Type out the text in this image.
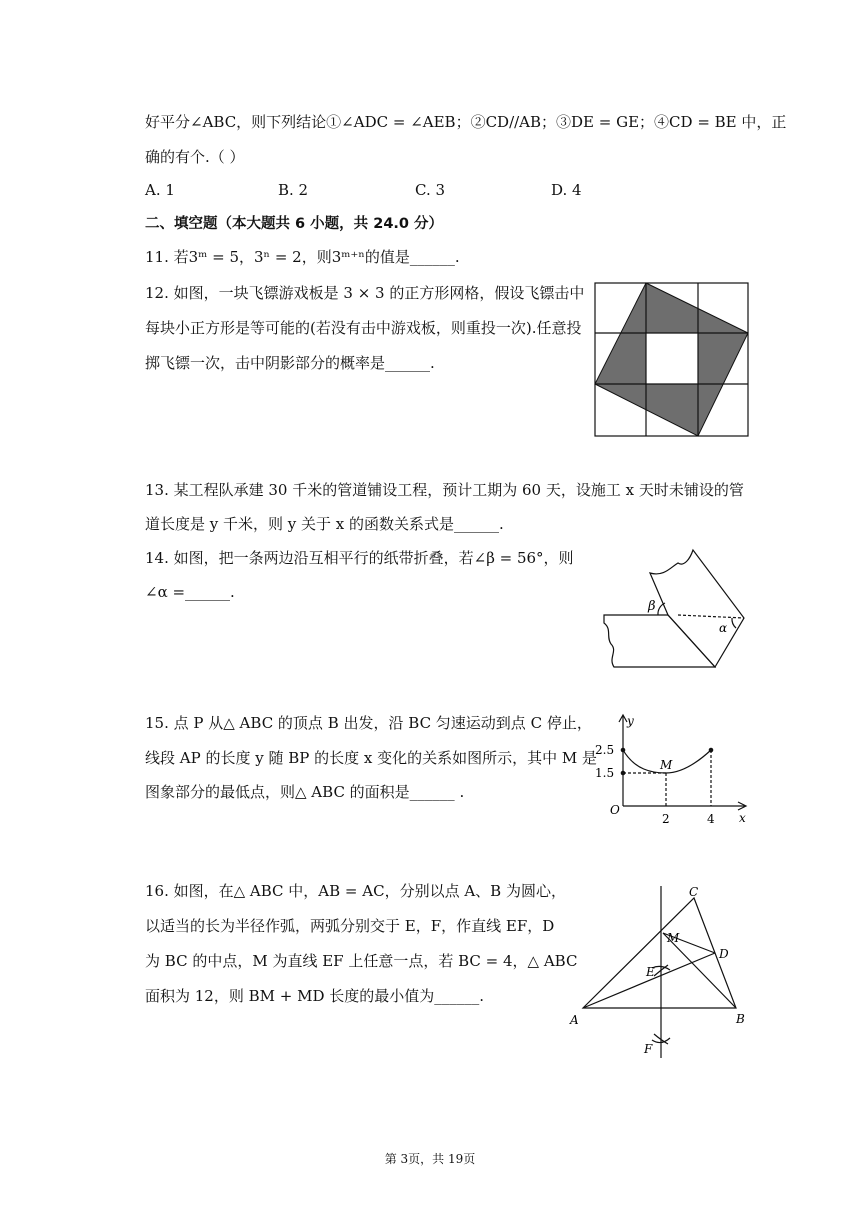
好平分∠ABC，则下列结论①∠ADC = ∠AEB；②CD//AB；③DE = GE；④CD = BE 中，正
确的有个.（ ）
A. 1	B. 2	C. 3	D. 4
二、填空题（本大题共 6 小题，共 24.0 分）
11. 若3ᵐ = 5，3ⁿ = 2，则3ᵐ⁺ⁿ的值是______.
12. 如图，一块飞镖游戏板是 3 × 3 的正方形网格，假设飞镖击中
每块小正方形是等可能的(若没有击中游戏板，则重投一次).任意投
掷飞镖一次，击中阴影部分的概率是______.
13. 某工程队承建 30 千米的管道铺设工程，预计工期为 60 天，设施工 x 天时未铺设的管
道长度是 y 千米，则 y 关于 x 的函数关系式是______.
14. 如图，把一条两边沿互相平行的纸带折叠，若∠β = 56°，则
∠α =______.
β
α
15. 点 P 从△ ABC 的顶点 B 出发，沿 BC 匀速运动到点 C 停止，
线段 AP 的长度 y 随 BP 的长度 x 变化的关系如图所示，其中 M 是
图象部分的最低点，则△ ABC 的面积是______ .
y
x
O
M
2.5
1.5
2	4
16. 如图，在△ ABC 中，AB = AC，分别以点 A、B 为圆心，
以适当的长为半径作弧，两弧分别交于 E，F，作直线 EF，D
为 BC 的中点，M 为直线 EF 上任意一点，若 BC = 4，△ ABC
面积为 12，则 BM + MD 长度的最小值为______.
A	B
C
D
E
F
M
第 3页，共 19页
